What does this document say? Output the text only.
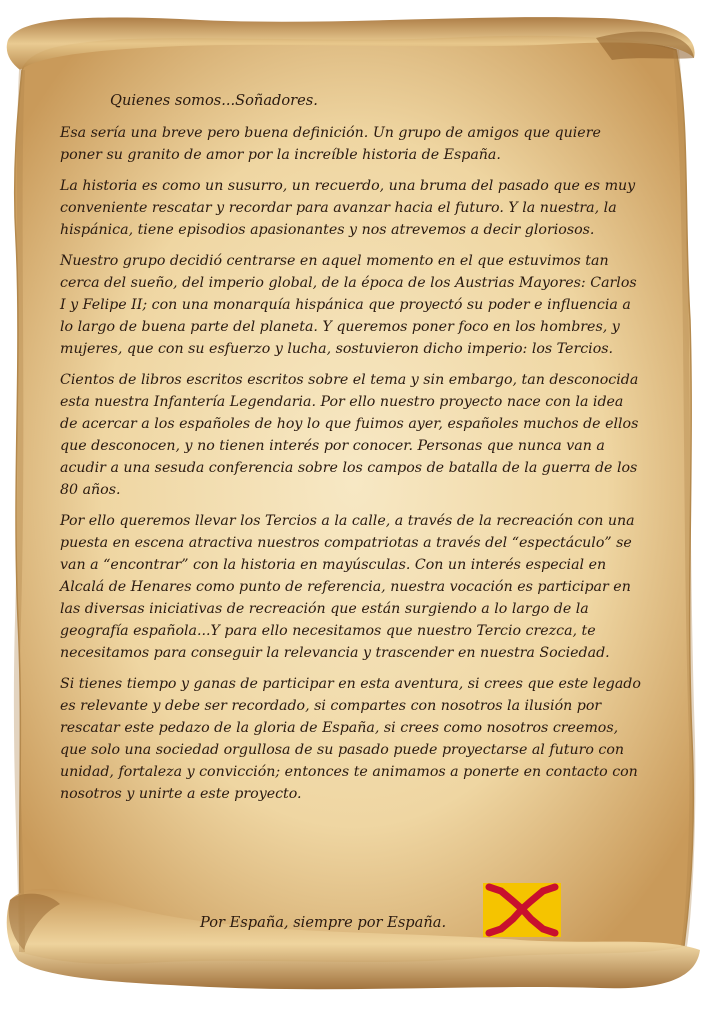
Quienes somos...Soñadores.

Esa sería una breve pero buena definición. Un grupo de amigos que quiere poner su granito de amor por la increíble historia de España.

La historia es como un susurro, un recuerdo, una bruma del pasado que es muy conveniente rescatar y recordar para avanzar hacia el futuro. Y la nuestra, la hispánica, tiene episodios apasionantes y nos atrevemos a decir gloriosos.

Nuestro grupo decidió centrarse en aquel momento en el que estuvimos tan cerca del sueño, del imperio global, de la época de los Austrias Mayores: Carlos I y Felipe II; con una monarquía hispánica que proyectó su poder e influencia a lo largo de buena parte del planeta. Y queremos poner foco en los hombres, y mujeres, que con su esfuerzo y lucha, sostuvieron dicho imperio: los Tercios.

Cientos de libros escritos escritos sobre el tema y sin embargo, tan desconocida esta nuestra Infantería Legendaria. Por ello nuestro proyecto nace con la idea de acercar a los españoles de hoy lo que fuimos ayer, españoles muchos de ellos que desconocen, y no tienen interés por conocer. Personas que nunca van a acudir a una sesuda conferencia sobre los campos de batalla de la guerra de los 80 años.

Por ello queremos llevar los Tercios a la calle, a través de la recreación con una puesta en escena atractiva nuestros compatriotas a través del “espectáculo” se van a “encontrar” con la historia en mayúsculas. Con un interés especial en Alcalá de Henares como punto de referencia, nuestra vocación es participar en las diversas iniciativas de recreación que están surgiendo a lo largo de la geografía española...Y para ello necesitamos que nuestro Tercio crezca, te necesitamos para conseguir la relevancia y trascender en nuestra Sociedad.

Si tienes tiempo y ganas de participar en esta aventura, si crees que este legado es relevante y debe ser recordado, si compartes con nosotros la ilusión por rescatar este pedazo de la gloria de España, si crees como nosotros creemos, que solo una sociedad orgullosa de su pasado puede proyectarse al futuro con unidad, fortaleza y convicción; entonces te animamos a ponerte en contacto con nosotros y unirte a este proyecto.

Por España, siempre por España.
